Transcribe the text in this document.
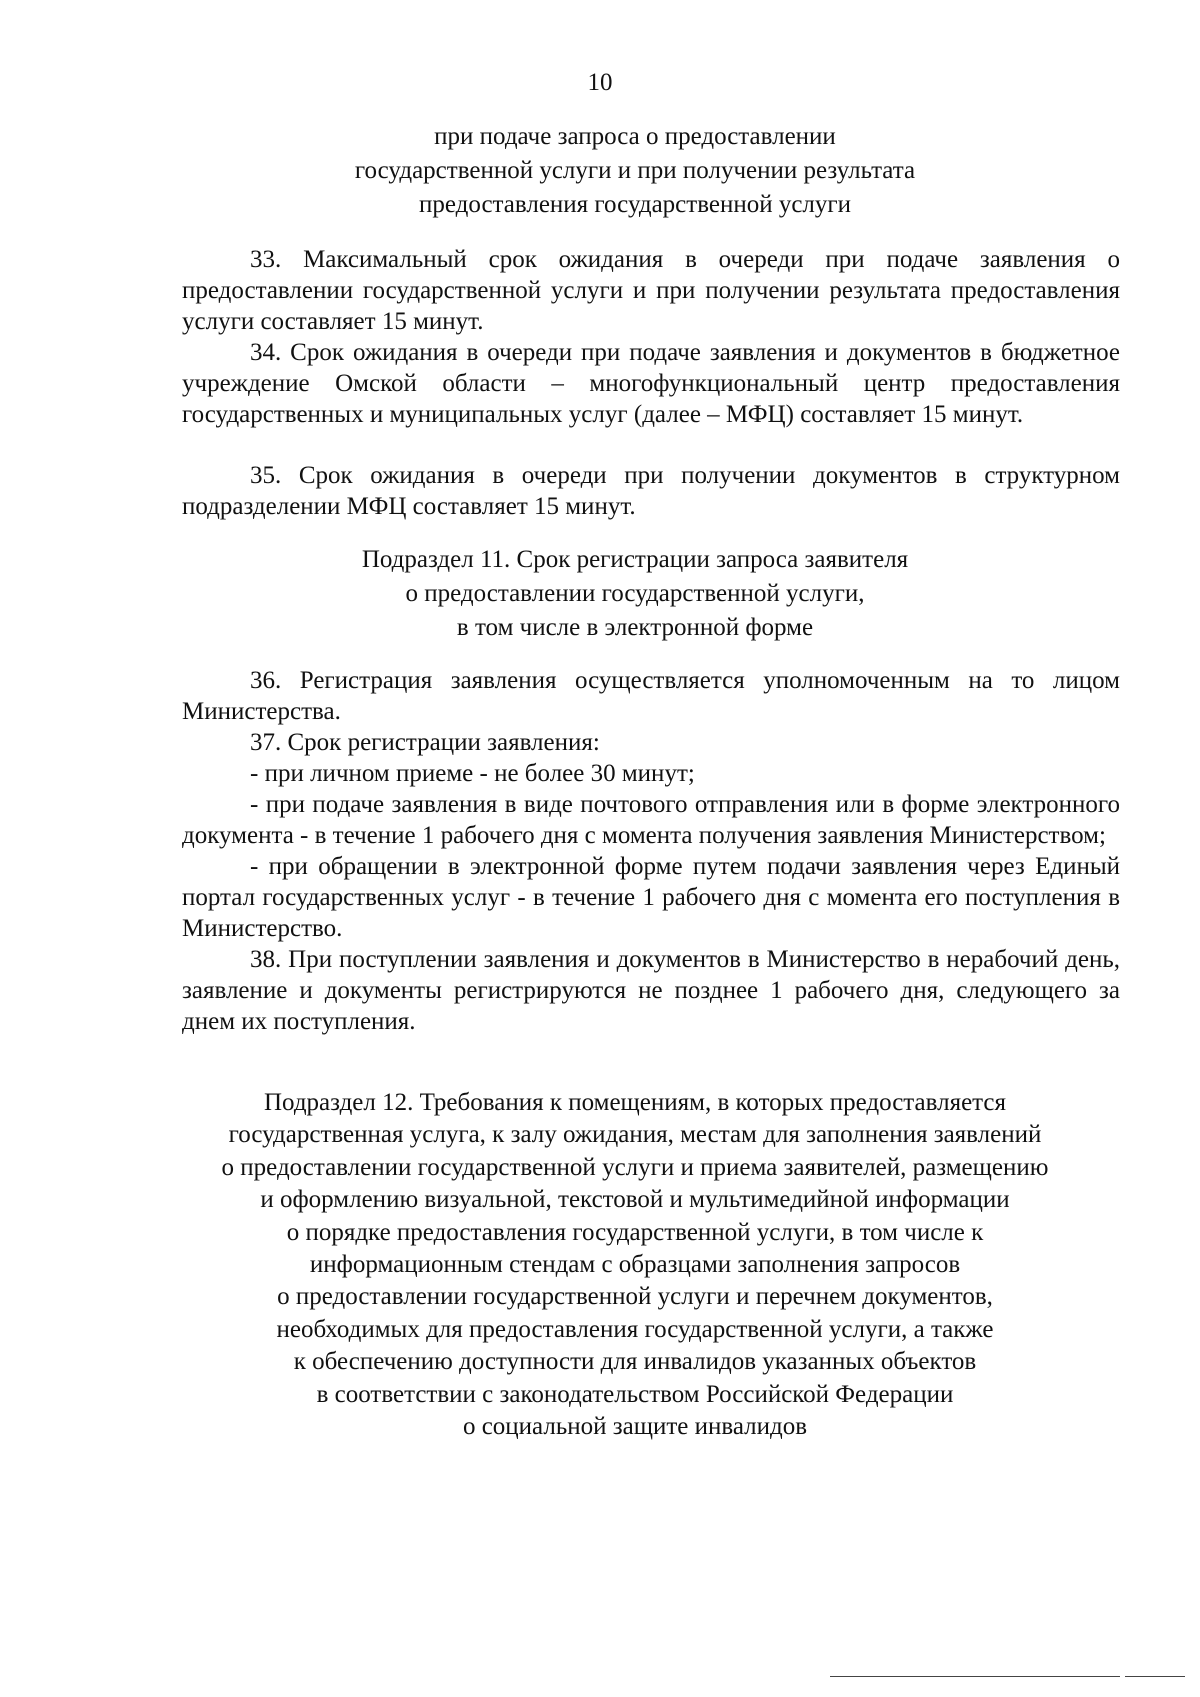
10
при подаче запроса о предоставлении
государственной услуги и при получении результата
предоставления государственной услуги

33. Максимальный срок ожидания в очереди при подаче заявления о предоставлении государственной услуги и при получении результата предоставления услуги составляет 15 минут.

34. Срок ожидания в очереди при подаче заявления и документов в бюджетное учреждение Омской области – многофункциональный центр предоставления государственных и муниципальных услуг (далее – МФЦ) составляет 15 минут.

35. Срок ожидания в очереди при получении документов в структурном подразделении МФЦ составляет 15 минут.

Подраздел 11. Срок регистрации запроса заявителя
о предоставлении государственной услуги,
в том числе в электронной форме

36. Регистрация заявления осуществляется уполномоченным на то лицом Министерства.

37. Срок регистрации заявления:

- при личном приеме - не более 30 минут;

- при подаче заявления в виде почтового отправления или в форме электронного документа - в течение 1 рабочего дня с момента получения заявления Министерством;

- при обращении в электронной форме путем подачи заявления через Единый портал государственных услуг - в течение 1 рабочего дня с момента его поступления в Министерство.

38. При поступлении заявления и документов в Министерство в нерабочий день, заявление и документы регистрируются не позднее 1 рабочего дня, следующего за днем их поступления.

Подраздел 12. Требования к помещениям, в которых предоставляется
государственная услуга, к залу ожидания, местам для заполнения заявлений
о предоставлении государственной услуги и приема заявителей, размещению
и оформлению визуальной, текстовой и мультимедийной информации
о порядке предоставления государственной услуги, в том числе к
информационным стендам с образцами заполнения запросов
о предоставлении государственной услуги и перечнем документов,
необходимых для предоставления государственной услуги, а также
к обеспечению доступности для инвалидов указанных объектов
в соответствии с законодательством Российской Федерации
о социальной защите инвалидов
